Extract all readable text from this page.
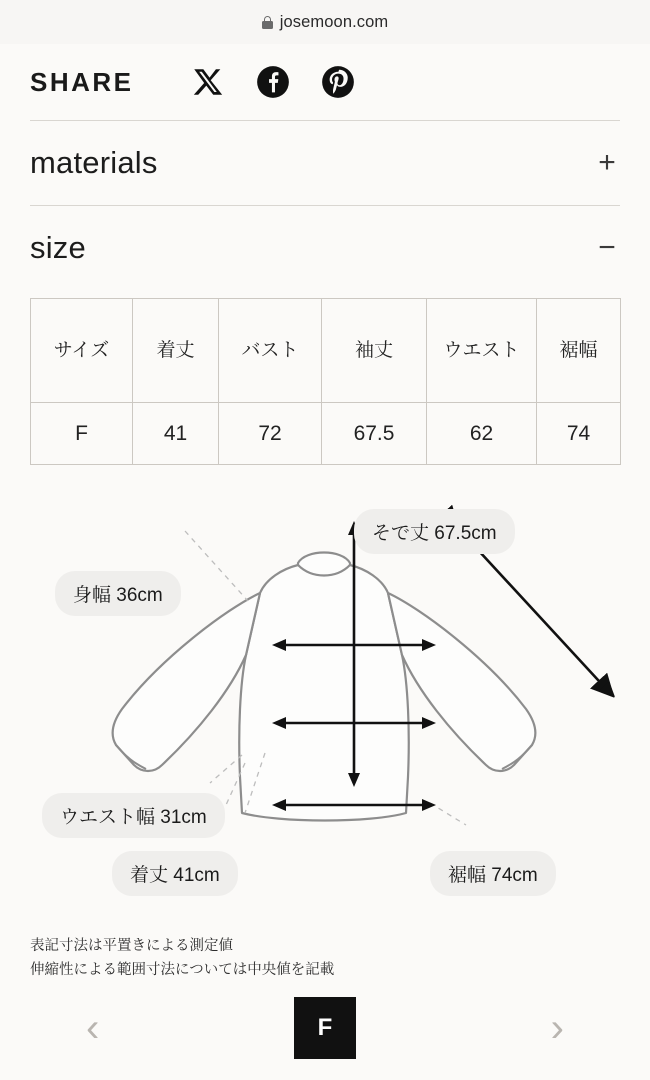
josemoon.com
SHARE
materials	+
size	−
サイズ	着丈	バスト	袖丈	ウエスト	裾幅
F	41	72	67.5	62	74
そで丈 67.5cm
身幅 36cm
ウエスト幅 31cm
着丈 41cm	裾幅 74cm
表記寸法は平置きによる測定値
伸縮性による範囲寸法については中央値を記載
‹	F	›
